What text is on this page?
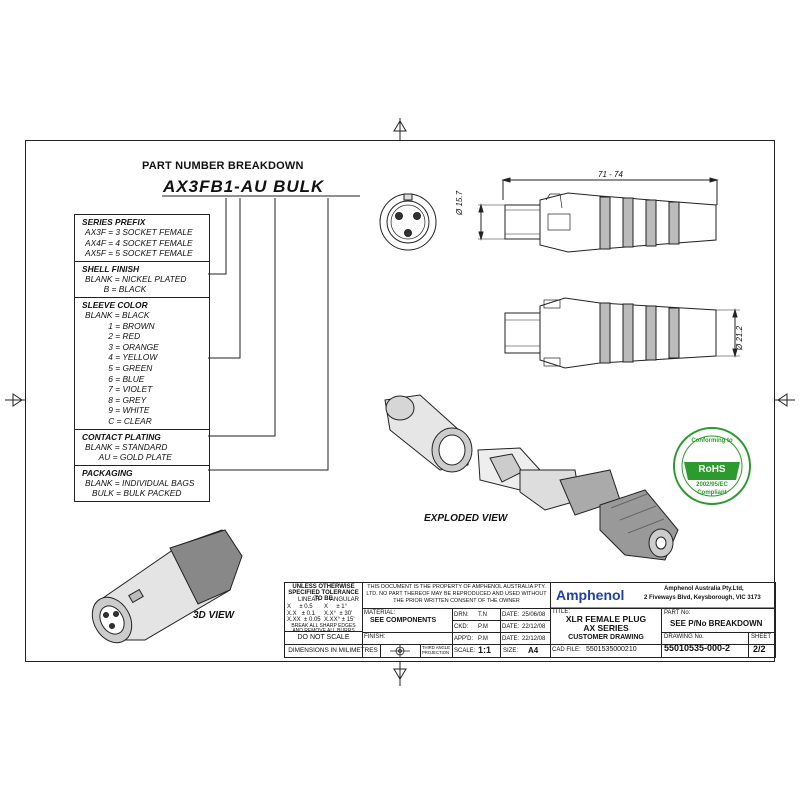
PART NUMBER BREAKDOWN
AX3FB1-AU BULK
SERIES PREFIX
AX3F = 3 SOCKET FEMALE
AX4F = 4 SOCKET FEMALE
AX5F = 5 SOCKET FEMALE
SHELL FINISH
BLANK = NICKEL PLATED
B = BLACK
SLEEVE COLOR
BLANK = BLACK
1 = BROWN
2 = RED
3 = ORANGE
4 = YELLOW
5 = GREEN
6 = BLUE
7 = VIOLET
8 = GREY
9 = WHITE
C = CLEAR
CONTACT PLATING
BLANK = STANDARD
AU = GOLD PLATE
PACKAGING
BLANK = INDIVIDUAL BAGS
BULK = BULK PACKED
71 - 74
Ø 15.7
Ø 21.2
EXPLODED VIEW
3D VIEW
Conforming to
RoHS
2002/95/EC
Compliant
UNLESS OTHERWISE SPECIFIED TOLERANCE TO BE
LINEAR ANGULAR
X     ± 0.5 X     ± 1°
X.X   ± 0.1 X.X°  ± 30'
X.XX  ± 0.05 X.XX° ± 15'
BREAK ALL SHARP EDGES AND REMOVE ALL BURRS
DO NOT SCALE
DIMENSIONS IN MILIMETRES	THIRD ANGLE PROJECTION
THIS DOCUMENT IS THE PROPERTY OF AMPHENOL AUSTRALIA PTY. LTD. NO PART THEREOF MAY BE REPRODUCED AND USED WITHOUT THE PRIOR WRITTEN CONSENT OF THE OWNER
MATERIAL:
SEE COMPONENTS
FINISH:
DRN: T.N	DATE: 25/06/08
CKD: P.M DATE: 22/12/08
APP'D: P.M DATE: 22/12/08
SCALE: 1:1 SIZE: A4
Amphenol	Amphenol Australia Pty.Ltd,
2 Fiveways Blvd, Keysborough, VIC 3173
TITLE:
XLR FEMALE PLUG
AX SERIES
CUSTOMER DRAWING
CAD FILE: 5501535000210
PART No:
SEE P/No BREAKDOWN
DRAWING No.
55010535-000-2
SHEET
2/2
